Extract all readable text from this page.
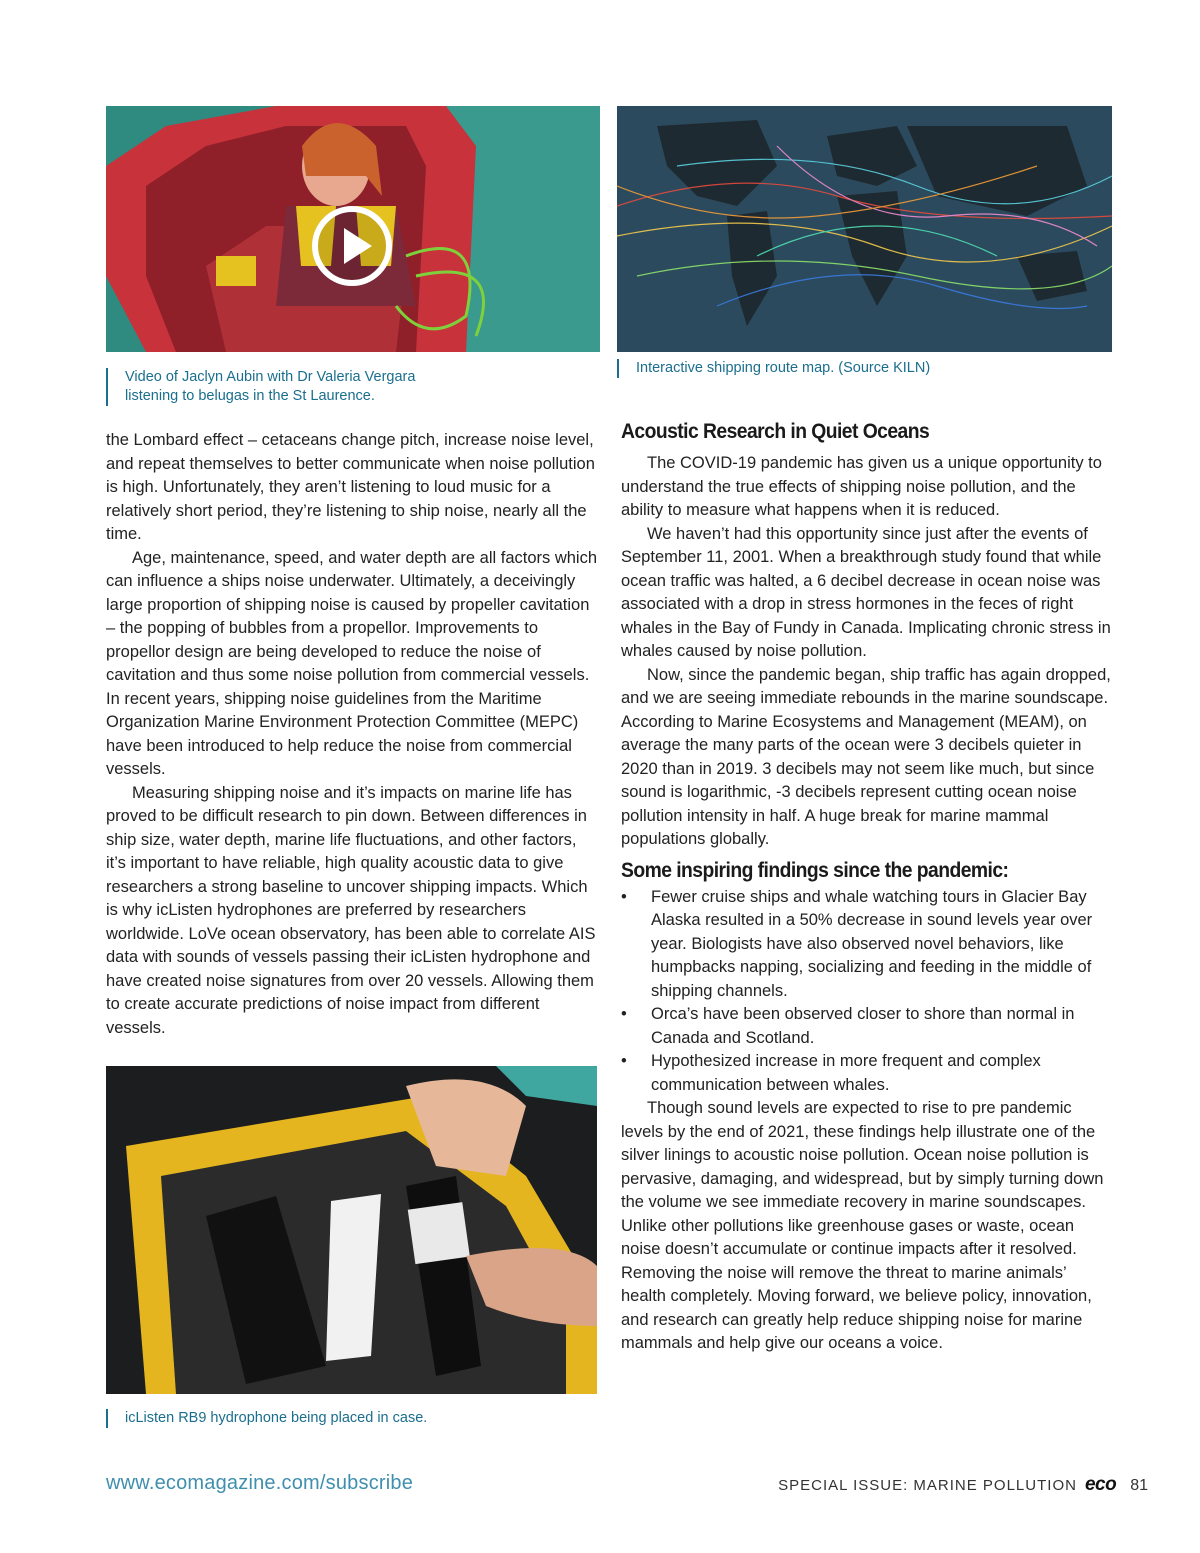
Video of Jaclyn Aubin with Dr Valeria Vergara
listening to belugas in the St Laurence.
Interactive shipping route map. (Source KILN)

the Lombard effect – cetaceans change pitch, increase noise level, and repeat themselves to better communicate when noise pollution is high. Unfortunately, they aren’t listening to loud music for a relatively short period, they’re listening to ship noise, nearly all the time.

Age, maintenance, speed, and water depth are all factors which can influence a ships noise underwater. Ultimately, a deceivingly large proportion of shipping noise is caused by propeller cavitation – the popping of bubbles from a propellor. Improvements to propellor design are being developed to reduce the noise of cavitation and thus some noise pollution from commercial vessels. In recent years, shipping noise guidelines from the Maritime Organization Marine Environment Protection Committee (MEPC) have been introduced to help reduce the noise from commercial vessels.

Measuring shipping noise and it’s impacts on marine life has proved to be difficult research to pin down. Between differences in ship size, water depth, marine life fluctuations, and other factors, it’s important to have reliable, high quality acoustic data to give researchers a strong baseline to uncover shipping impacts. Which is why icListen hydrophones are preferred by researchers worldwide. LoVe ocean observatory, has been able to correlate AIS data with sounds of vessels passing their icListen hydrophone and have created noise signatures from over 20 vessels. Allowing them to create accurate predictions of noise impact from different vessels.

icListen RB9 hydrophone being placed in case.
Acoustic Research in Quiet Oceans

The COVID-19 pandemic has given us a unique opportunity to understand the true effects of shipping noise pollution, and the ability to measure what happens when it is reduced.

We haven’t had this opportunity since just after the events of September 11, 2001. When a breakthrough study found that while ocean traffic was halted, a 6 decibel decrease in ocean noise was associated with a drop in stress hormones in the feces of right whales in the Bay of Fundy in Canada. Implicating chronic stress in whales caused by noise pollution.

Now, since the pandemic began, ship traffic has again dropped, and we are seeing immediate rebounds in the marine soundscape. According to Marine Ecosystems and Management (MEAM), on average the many parts of the ocean were 3 decibels quieter in 2020 than in 2019. 3 decibels may not seem like much, but since sound is logarithmic, -3 decibels represent cutting ocean noise pollution intensity in half. A huge break for marine mammal populations globally.

Some inspiring findings since the pandemic:
• Fewer cruise ships and whale watching tours in Glacier Bay Alaska resulted in a 50% decrease in sound levels year over year. Biologists have also observed novel behaviors, like humpbacks napping, socializing and feeding in the middle of shipping channels.
• Orca’s have been observed closer to shore than normal in Canada and Scotland.
• Hypothesized increase in more frequent and complex communication between whales.

Though sound levels are expected to rise to pre pandemic levels by the end of 2021, these findings help illustrate one of the silver linings to acoustic noise pollution. Ocean noise pollution is pervasive, damaging, and widespread, but by simply turning down the volume we see immediate recovery in marine soundscapes. Unlike other pollutions like greenhouse gases or waste, ocean noise doesn’t accumulate or continue impacts after it resolved. Removing the noise will remove the threat to marine animals’ health completely. Moving forward, we believe policy, innovation, and research can greatly help reduce shipping noise for marine mammals and help give our oceans a voice.

www.ecomagazine.com/subscribe	SPECIAL ISSUE: MARINE POLLUTION eco 81
